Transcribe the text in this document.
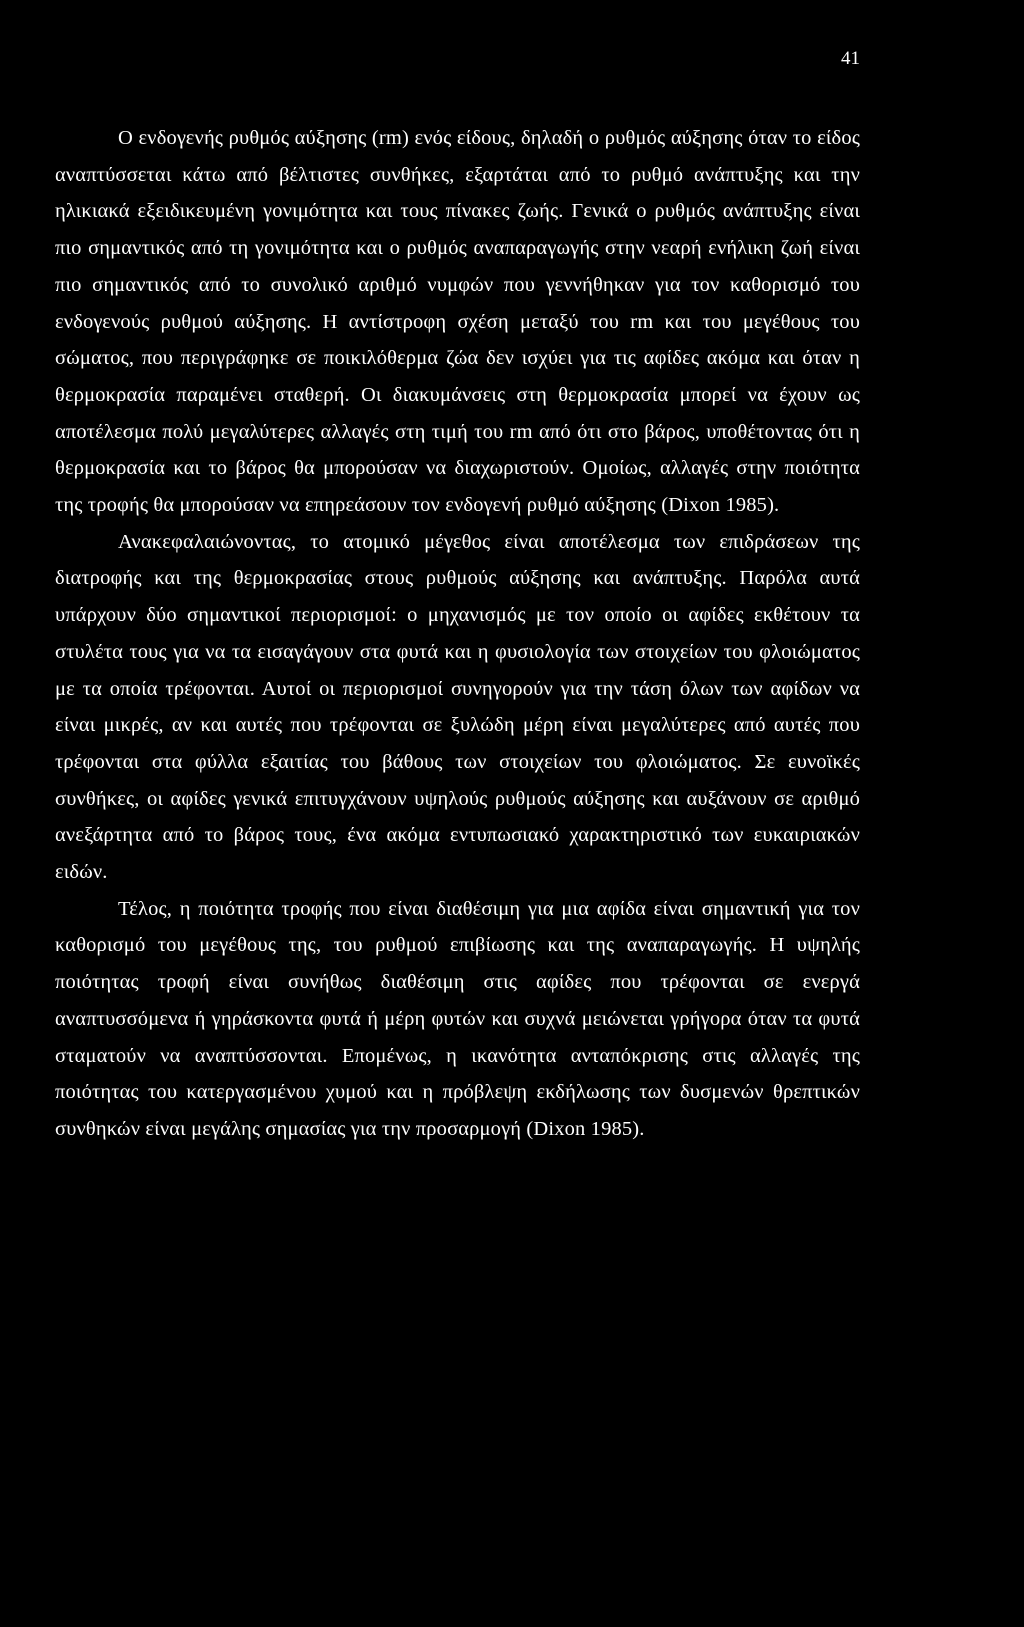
41

Ο ενδογενής ρυθμός αύξησης (rm) ενός είδους, δηλαδή ο ρυθμός αύξησης όταν το είδος αναπτύσσεται κάτω από βέλτιστες συνθήκες, εξαρτάται από το ρυθμό ανάπτυξης και την ηλικιακά εξειδικευμένη γονιμότητα και τους πίνακες ζωής. Γενικά ο ρυθμός ανάπτυξης είναι πιο σημαντικός από τη γονιμότητα και ο ρυθμός αναπαραγωγής στην νεαρή ενήλικη ζωή είναι πιο σημαντικός από το συνολικό αριθμό νυμφών που γεννήθηκαν για τον καθορισμό του ενδογενούς ρυθμού αύξησης. Η αντίστροφη σχέση μεταξύ του rm και του μεγέθους του σώματος, που περιγράφηκε σε ποικιλόθερμα ζώα δεν ισχύει για τις αφίδες ακόμα και όταν η θερμοκρασία παραμένει σταθερή. Οι διακυμάνσεις στη θερμοκρασία μπορεί να έχουν ως αποτέλεσμα πολύ μεγαλύτερες αλλαγές στη τιμή του rm από ότι στο βάρος, υποθέτοντας ότι η θερμοκρασία και το βάρος θα μπορούσαν να διαχωριστούν. Ομοίως, αλλαγές στην ποιότητα της τροφής θα μπορούσαν να επηρεάσουν τον ενδογενή ρυθμό αύξησης (Dixon 1985).

Ανακεφαλαιώνοντας, το ατομικό μέγεθος είναι αποτέλεσμα των επιδράσεων της διατροφής και της θερμοκρασίας στους ρυθμούς αύξησης και ανάπτυξης. Παρόλα αυτά υπάρχουν δύο σημαντικοί περιορισμοί: ο μηχανισμός με τον οποίο οι αφίδες εκθέτουν τα στυλέτα τους για να τα εισαγάγουν στα φυτά και η φυσιολογία των στοιχείων του φλοιώματος με τα οποία τρέφονται. Αυτοί οι περιορισμοί συνηγορούν για την τάση όλων των αφίδων να είναι μικρές, αν και αυτές που τρέφονται σε ξυλώδη μέρη είναι μεγαλύτερες από αυτές που τρέφονται στα φύλλα εξαιτίας του βάθους των στοιχείων του φλοιώματος. Σε ευνοϊκές συνθήκες, οι αφίδες γενικά επιτυγχάνουν υψηλούς ρυθμούς αύξησης και αυξάνουν σε αριθμό ανεξάρτητα από το βάρος τους, ένα ακόμα εντυπωσιακό χαρακτηριστικό των ευκαιριακών ειδών.

Τέλος, η ποιότητα τροφής που είναι διαθέσιμη για μια αφίδα είναι σημαντική για τον καθορισμό του μεγέθους της, του ρυθμού επιβίωσης και της αναπαραγωγής. Η υψηλής ποιότητας τροφή είναι συνήθως διαθέσιμη στις αφίδες που τρέφονται σε ενεργά αναπτυσσόμενα ή γηράσκοντα φυτά ή μέρη φυτών και συχνά μειώνεται γρήγορα όταν τα φυτά σταματούν να αναπτύσσονται. Επομένως, η ικανότητα ανταπόκρισης στις αλλαγές της ποιότητας του κατεργασμένου χυμού και η πρόβλεψη εκδήλωσης των δυσμενών θρεπτικών συνθηκών είναι μεγάλης σημασίας για την προσαρμογή (Dixon 1985).
